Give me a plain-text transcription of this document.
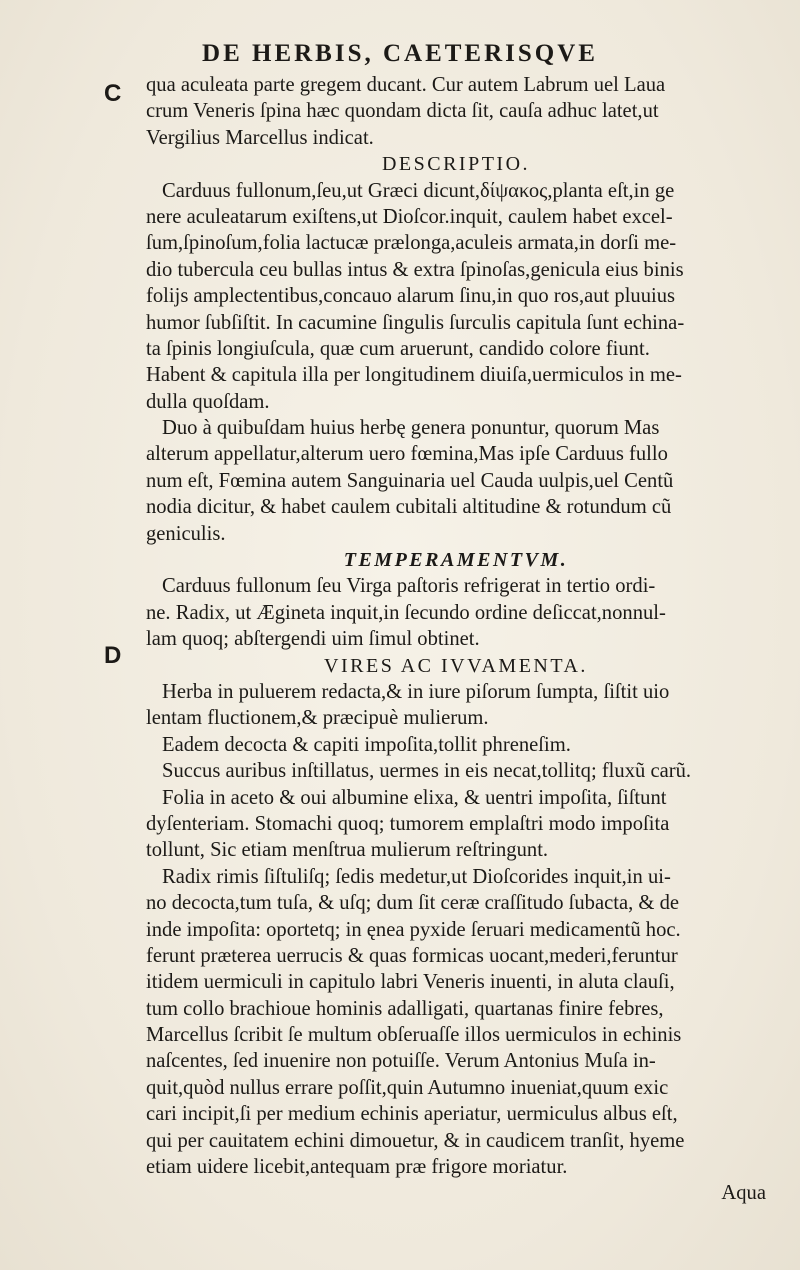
DE HERBIS, CAETERISQVE
C
D
qua aculeata parte gregem ducant. Cur autem Labrum uel Laua
crum Veneris ſpina hæc quondam dicta ſit, cauſa adhuc latet,ut
Vergilius Marcellus indicat.
DESCRIPTIO.
Carduus fullonum,ſeu,ut Græci dicunt,δίψακος,planta eſt,in ge
nere aculeatarum exiſtens,ut Dioſcor.inquit, caulem habet excel-
ſum,ſpinoſum,folia lactucæ prælonga,aculeis armata,in dorſi me-
dio tubercula ceu bullas intus & extra ſpinoſas,genicula eius binis
folijs amplectentibus,concauo alarum ſinu,in quo ros,aut pluuius
humor ſubſiſtit. In cacumine ſingulis ſurculis capitula ſunt echina-
ta ſpinis longiuſcula, quæ cum aruerunt, candido colore fiunt.
Habent & capitula illa per longitudinem diuiſa,uermiculos in me-
dulla quoſdam.
Duo à quibuſdam huius herbę genera ponuntur, quorum Mas
alterum appellatur,alterum uero fœmina,Mas ipſe Carduus fullo
num eſt, Fœmina autem Sanguinaria uel Cauda uulpis,uel Centũ
nodia dicitur, & habet caulem cubitali altitudine & rotundum cũ
geniculis.
TEMPERAMENTVM.
Carduus fullonum ſeu Virga paſtoris refrigerat in tertio ordi-
ne. Radix, ut Ægineta inquit,in ſecundo ordine deſiccat,nonnul-
lam quoq; abſtergendi uim ſimul obtinet.
VIRES AC IVVAMENTA.
Herba in puluerem redacta,& in iure piſorum ſumpta, ſiſtit uio
lentam fluctionem,& præcipuè mulierum.
Eadem decocta & capiti impoſita,tollit phreneſim.
Succus auribus inſtillatus, uermes in eis necat,tollitq; fluxũ carũ.
Folia in aceto & oui albumine elixa, & uentri impoſita, ſiſtunt
dyſenteriam. Stomachi quoq; tumorem emplaſtri modo impoſita
tollunt, Sic etiam menſtrua mulierum reſtringunt.
Radix rimis ſiſtuliſq; ſedis medetur,ut Dioſcorides inquit,in ui-
no decocta,tum tuſa, & uſq; dum ſit ceræ craſſitudo ſubacta, & de
inde impoſita: oportetq; in ęnea pyxide ſeruari medicamentũ hoc.
ferunt præterea uerrucis & quas formicas uocant,mederi,feruntur
itidem uermiculi in capitulo labri Veneris inuenti, in aluta clauſi,
tum collo brachioue hominis adalligati, quartanas finire febres,
Marcellus ſcribit ſe multum obſeruaſſe illos uermiculos in echinis
naſcentes, ſed inuenire non potuiſſe. Verum Antonius Muſa in-
quit,quòd nullus errare poſſit,quin Autumno inueniat,quum exic
cari incipit,ſi per medium echinis aperiatur, uermiculus albus eſt,
qui per cauitatem echini dimouetur, & in caudicem tranſit, hyeme
etiam uidere licebit,antequam præ frigore moriatur.
Aqua
